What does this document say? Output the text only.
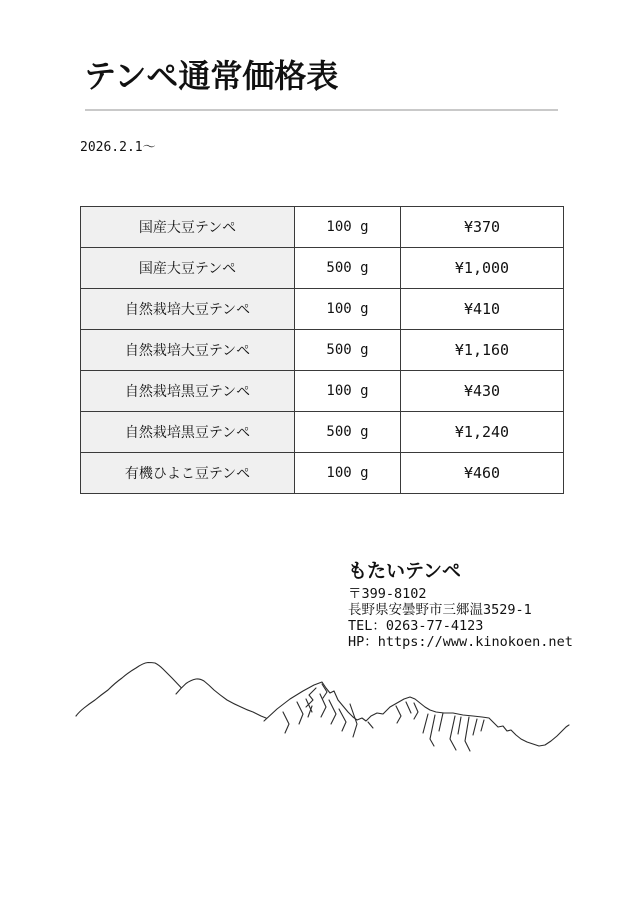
テンペ通常価格表
2026.2.1～
国産大豆テンペ	100 g	¥370
国産大豆テンペ	500 g	¥1,000
自然栽培大豆テンペ	100 g	¥410
自然栽培大豆テンペ	500 g	¥1,160
自然栽培黒豆テンペ	100 g	¥430
自然栽培黒豆テンペ	500 g	¥1,240
有機ひよこ豆テンペ	100 g	¥460
もたいテンペ
〒399-8102
長野県安曇野市三郷温3529-1
TEL：0263-77-4123
HP：https://www.kinokoen.net
